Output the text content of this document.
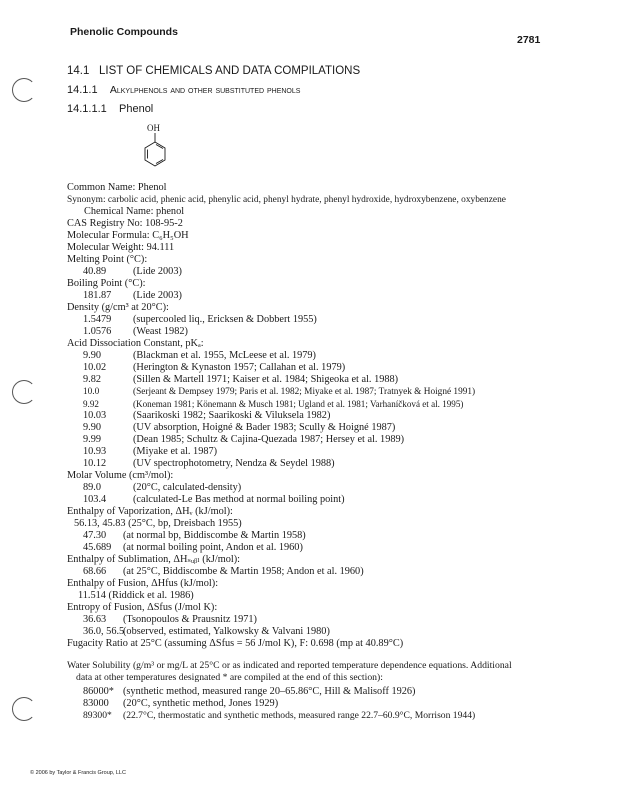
Phenolic Compounds
2781
14.1 LIST OF CHEMICALS AND DATA COMPILATIONS
14.1.1 Alkylphenols and other substituted phenols
14.1.1.1 Phenol
OH
Common Name: Phenol
Synonym: carbolic acid, phenic acid, phenylic acid, phenyl hydrate, phenyl hydroxide, hydroxybenzene, oxybenzene
Chemical Name: phenol
CAS Registry No: 108-95-2
Molecular Formula: C₆H₅OH
Molecular Weight: 94.111
Melting Point (°C):
40.89	(Lide 2003)
Boiling Point (°C):
181.87 (Lide 2003)
Density (g/cm³ at 20°C):
1.5479 (supercooled liq., Ericksen & Dobbert 1955)
1.0576 (Weast 1982)
Acid Dissociation Constant, pKₐ:
9.90	(Blackman et al. 1955, McLeese et al. 1979)
10.02	(Herington & Kynaston 1957; Callahan et al. 1979)
9.82	(Sillen & Martell 1971; Kaiser et al. 1984; Shigeoka et al. 1988)
10.0	(Serjeant & Dempsey 1979; Paris et al. 1982; Miyake et al. 1987; Tratnyek & Hoigné 1991)
9.92	(Koneman 1981; Könemann & Musch 1981; Ugland et al. 1981; Varhaníčková et al. 1995)
10.03	(Saarikoski 1982; Saarikoski & Viluksela 1982)
9.90	(UV absorption, Hoigné & Bader 1983; Scully & Hoigné 1987)
9.99	(Dean 1985; Schultz & Cajina-Quezada 1987; Hersey et al. 1989)
10.93	(Miyake et al. 1987)
10.12	(UV spectrophotometry, Nendza & Seydel 1988)
Molar Volume (cm³/mol):
89.0	(20°C, calculated-density)
103.4	(calculated-Le Bas method at normal boiling point)
Enthalpy of Vaporization, ΔHᵥ (kJ/mol):
56.13, 45.83 (25°C, bp, Dreisbach 1955)
47.30 (at normal bp, Biddiscombe & Martin 1958)
45.689 (at normal boiling point, Andon et al. 1960)
Enthalpy of Sublimation, ΔHₛᵤᵦₗ (kJ/mol):
68.66 (at 25°C, Biddiscombe & Martin 1958; Andon et al. 1960)
Enthalpy of Fusion, ΔHfus (kJ/mol):
11.514 (Riddick et al. 1986)
Entropy of Fusion, ΔSfus (J/mol K):
36.63 (Tsonopoulos & Prausnitz 1971)
36.0, 56.5
(observed, estimated, Yalkowsky & Valvani 1980)
Fugacity Ratio at 25°C (assuming ΔSfus = 56 J/mol K), F: 0.698 (mp at 40.89°C)
Water Solubility (g/m³ or mg/L at 25°C or as indicated and reported temperature dependence equations. Additional
data at other temperatures designated * are compiled at the end of this section):
86000* (synthetic method, measured range 20–65.86°C, Hill & Malisoff 1926)
83000 (20°C, synthetic method, Jones 1929)
89300* (22.7°C, thermostatic and synthetic methods, measured range 22.7–60.9°C, Morrison 1944)
© 2006 by Taylor & Francis Group, LLC
